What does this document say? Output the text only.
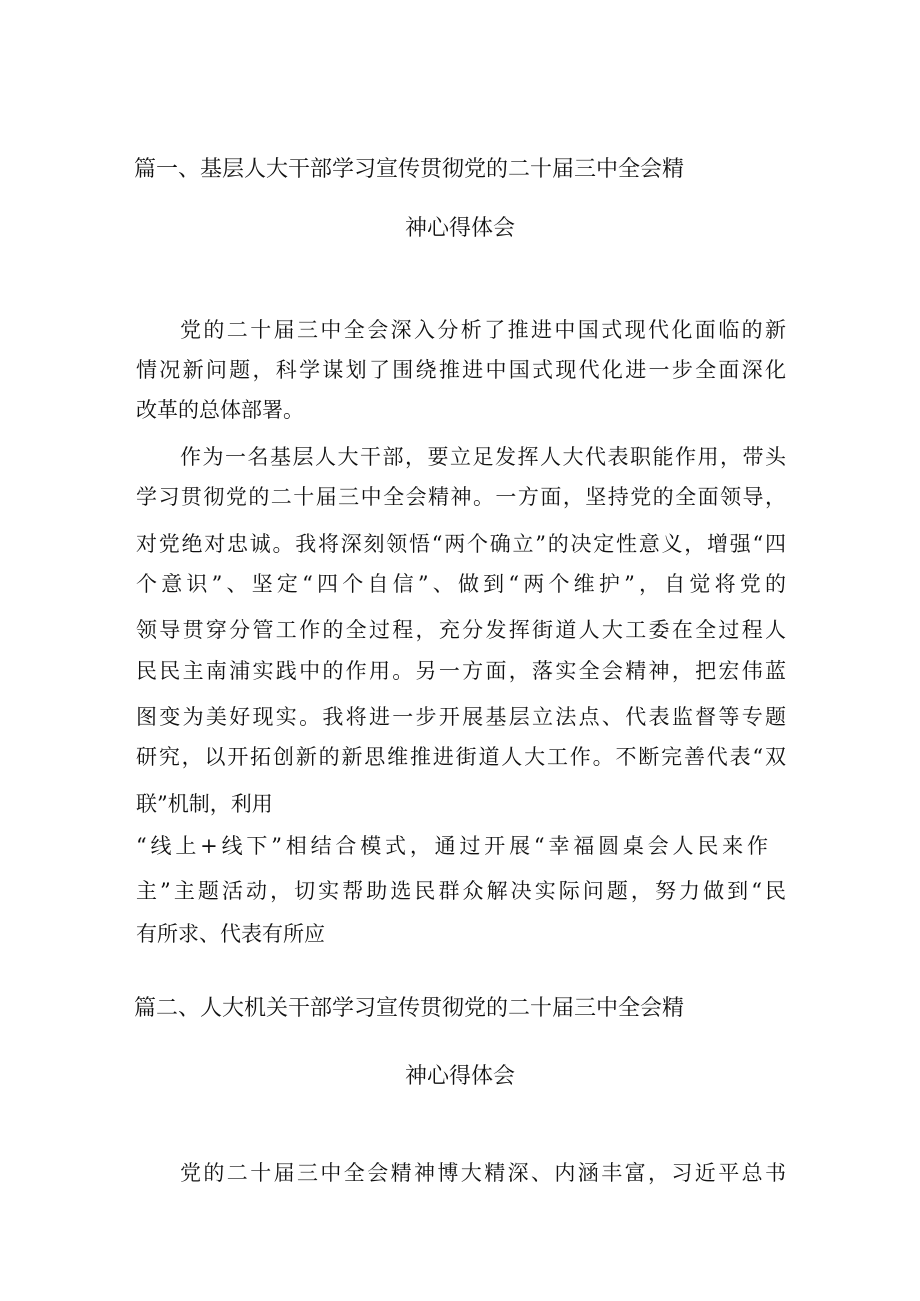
篇一、基层人大干部学习宣传贯彻党的二十届三中全会精
神心得体会
党的二十届三中全会深入分析了推进中国式现代化面临的新
情况新问题，科学谋划了围绕推进中国式现代化进一步全面深化
改革的总体部署。
作为一名基层人大干部，要立足发挥人大代表职能作用，带头
学习贯彻党的二十届三中全会精神。一方面，坚持党的全面领导，
对党绝对忠诚。我将深刻领悟“两个确立”的决定性意义，增强“四
个意识”、坚定“四个自信”、做到“两个维护”，自觉将党的
领导贯穿分管工作的全过程，充分发挥街道人大工委在全过程人
民民主南浦实践中的作用。另一方面，落实全会精神，把宏伟蓝
图变为美好现实。我将进一步开展基层立法点、代表监督等专题
研究，以开拓创新的新思维推进街道人大工作。不断完善代表“双
联”机制，利用
“线上+线下”相结合模式，通过开展“幸福圆桌会人民来作
主”主题活动，切实帮助选民群众解决实际问题，努力做到“民
有所求、代表有所应
篇二、人大机关干部学习宣传贯彻党的二十届三中全会精
神心得体会
党的二十届三中全会精神博大精深、内涵丰富，习近平总书
